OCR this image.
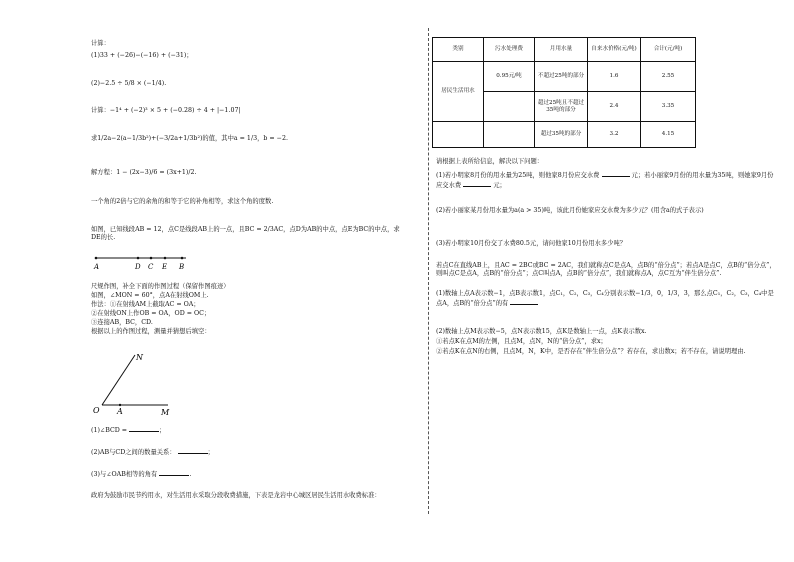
计算：
(1)33 + (−26)−(−16) + (−31)；
(2)−2.5 ÷ 5/8 × (−1/4).
计算：−1⁴ + (−2)³ × 5 + (−0.28) ÷ 4 + |−1.07|
求1/2a−2(a−1/3b²)+(−3/2a+1/3b²)的值，其中a = 1/3，b = −2.
解方程：1 − (2x−3)/6 = (3x+1)/2.
一个角的2倍与它的余角的和等于它的补角相等，求这个角的度数.
如图，已知线段AB = 12，点C是线段AB上的一点，且BC = 2/3AC，点D为AB的中点，点E为BC的中点，求DE的长.
A	D C E B
尺规作图，补全下面的作图过程（保留作图痕迹）
如图，∠MON = 60°，点A在射线OM上.
作法：①在射线AM上截取AC = OA；
②在射线ON上作OB = OA，OD = OC；
③连接AB，BC，CD.
根据以上的作图过程，测量并猜想后填空：
N
O A	M
(1)∠BCD =	；
(2)AB与CD之间的数量关系：	；
(3)与∠OAB相等的角有	.
政府为鼓励市民节约用水，对生活用水采取分段收费措施，下表是龙岩中心城区居民生活用水收费标准：
类别	污水处理费	月用水量	自来水价格(元/吨)	合计(元/吨)
居民生活用水	0.95元/吨	不超过25吨的部分	1.6	2.55
		超过25吨且不超过35吨的部分	2.4	3.35
		超过35吨的部分	3.2	4.15
请根据上表所给信息，解决以下问题：
(1)若小明家8月份的用水量为25吨，则他家8月份应交水费	元；若小丽家9月份的用水量为35吨，则她家9月份应交水费	元；
(2)若小丽家某月份用水量为a(a > 35)吨，该此月份她家应交水费为多少元？(用含a的式子表示)
(3)若小明家10月份交了水费80.5元，请问他家10月份用水多少吨？
若点C在直线AB上，且AC = 2BC或BC = 2AC，我们就称点C是点A，点B的“倍分点”；若点A是点C，点B的“倍分点”，则叫点C是点A，点B的“倍分点”；点C叫点A，点B的“倍分点”，我们就称点A，点C互为“伴生倍分点”.
(1)数轴上点A表示数−1，点B表示数1，点C₁，C₂，C₃，C₄分别表示数−1/3，0，1/3，3，那么点C₁，C₂，C₃，C₄中是点A，点B的“倍分点”的有
(2)数轴上点M表示数−5，点N表示数15，点K是数轴上一点，点K表示数x.
①若点K在点M的左侧，且点M，点N，N的“倍分点”，求x；
②若点K在点N的右侧，且点M，N，K中，是否存在“伴生倍分点”？若存在，求出数x；若不存在，请说明理由.
